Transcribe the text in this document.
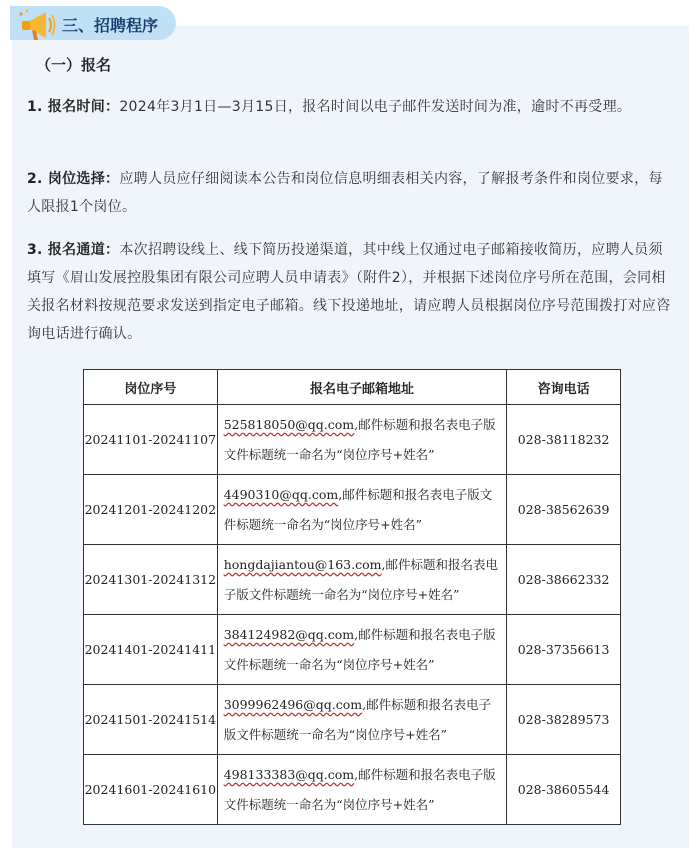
三、招聘程序
（一）报名
1. 报名时间：2024年3月1日—3月15日，报名时间以电子邮件发送时间为准，逾时不再受理。
2. 岗位选择：应聘人员应仔细阅读本公告和岗位信息明细表相关内容，了解报考条件和岗位要求，每人限报1个岗位。
3. 报名通道：本次招聘设线上、线下简历投递渠道，其中线上仅通过电子邮箱接收简历，应聘人员须填写《眉山发展控股集团有限公司应聘人员申请表》（附件2），并根据下述岗位序号所在范围，会同相关报名材料按规范要求发送到指定电子邮箱。线下投递地址，请应聘人员根据岗位序号范围拨打对应咨询电话进行确认。
岗位序号	报名电子邮箱地址	咨询电话
20241101-20241107	525818050@qq.com,邮件标题和报名表电子版文件标题统一命名为“岗位序号+姓名”	028-38118232
20241201-20241202	4490310@qq.com,邮件标题和报名表电子版文件标题统一命名为“岗位序号+姓名”	028-38562639
20241301-20241312	hongdajiantou@163.com,邮件标题和报名表电子版文件标题统一命名为“岗位序号+姓名”	028-38662332
20241401-20241411	384124982@qq.com,邮件标题和报名表电子版文件标题统一命名为“岗位序号+姓名”	028-37356613
20241501-20241514	3099962496@qq.com,邮件标题和报名表电子版文件标题统一命名为“岗位序号+姓名”	028-38289573
20241601-20241610	498133383@qq.com,邮件标题和报名表电子版文件标题统一命名为“岗位序号+姓名”	028-38605544
